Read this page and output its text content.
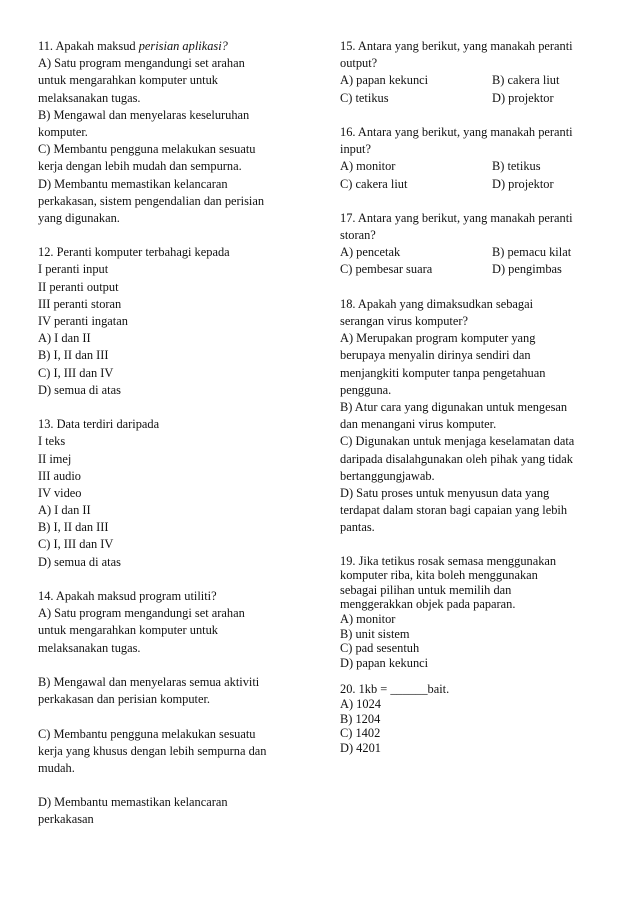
11. Apakah maksud perisian aplikasi?
A) Satu program mengandungi set arahan
untuk mengarahkan komputer untuk
melaksanakan tugas.
B) Mengawal dan menyelaras keseluruhan
komputer.
C) Membantu pengguna melakukan sesuatu
kerja dengan lebih mudah dan sempurna.
D) Membantu memastikan kelancaran
perkakasan, sistem pengendalian dan perisian
yang digunakan.
12. Peranti komputer terbahagi kepada
I peranti input
II peranti output
III peranti storan
IV peranti ingatan
A) I dan II
B) I, II dan III
C) I, III dan IV
D) semua di atas
13. Data terdiri daripada
I teks
II imej
III audio
IV video
A) I dan II
B) I, II dan III
C) I, III dan IV
D) semua di atas
14. Apakah maksud program utiliti?
A) Satu program mengandungi set arahan
untuk mengarahkan komputer untuk
melaksanakan tugas.
B) Mengawal dan menyelaras semua aktiviti
perkakasan dan perisian komputer.
C) Membantu pengguna melakukan sesuatu
kerja yang khusus dengan lebih sempurna dan
mudah.
D) Membantu memastikan kelancaran
perkakasan
15. Antara yang berikut, yang manakah peranti
output?
A) papan kekunci	B) cakera liut
C) tetikus	D) projektor
16. Antara yang berikut, yang manakah peranti
input?
A) monitor	B) tetikus
C) cakera liut	D) projektor
17. Antara yang berikut, yang manakah peranti
storan?
A) pencetak	B) pemacu kilat
C) pembesar suara	D) pengimbas
18. Apakah yang dimaksudkan sebagai
serangan virus komputer?
A) Merupakan program komputer yang
berupaya menyalin dirinya sendiri dan
menjangkiti komputer tanpa pengetahuan
pengguna.
B) Atur cara yang digunakan untuk mengesan
dan menangani virus komputer.
C) Digunakan untuk menjaga keselamatan data
daripada disalahgunakan oleh pihak yang tidak
bertanggungjawab.
D) Satu proses untuk menyusun data yang
terdapat dalam storan bagi capaian yang lebih
pantas.
19. Jika tetikus rosak semasa menggunakan
komputer riba, kita boleh menggunakan
sebagai pilihan untuk memilih dan
menggerakkan objek pada paparan.
A) monitor
B) unit sistem
C) pad sesentuh
D) papan kekunci
20. 1kb = ______bait.
A) 1024
B) 1204
C) 1402
D) 4201
